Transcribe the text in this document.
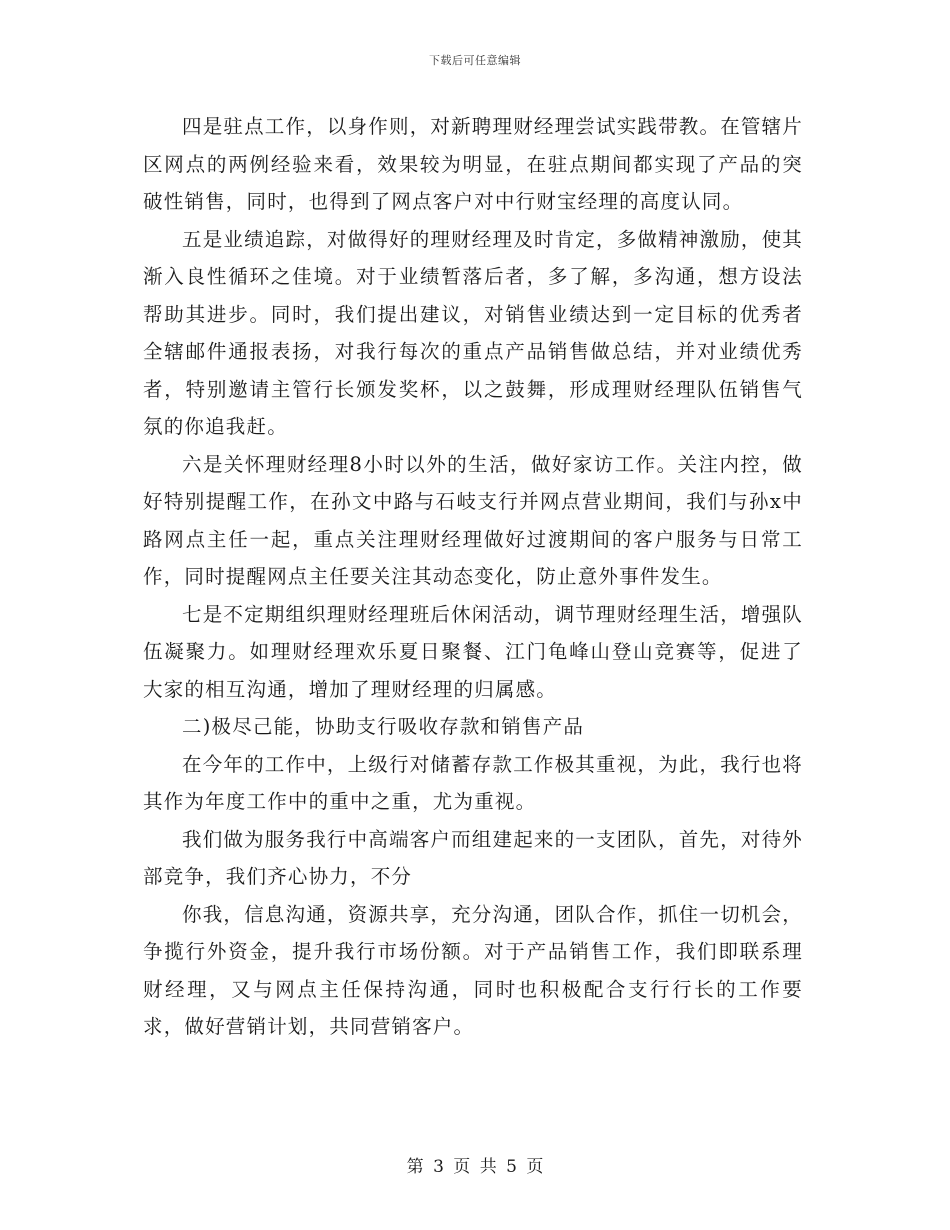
下载后可任意编辑

四是驻点工作，以身作则，对新聘理财经理尝试实践带教。在管辖片区网点的两例经验来看，效果较为明显，在驻点期间都实现了产品的突破性销售，同时，也得到了网点客户对中行财宝经理的高度认同。

五是业绩追踪，对做得好的理财经理及时肯定，多做精神激励，使其渐入良性循环之佳境。对于业绩暂落后者，多了解，多沟通，想方设法帮助其进步。同时，我们提出建议，对销售业绩达到一定目标的优秀者全辖邮件通报表扬，对我行每次的重点产品销售做总结，并对业绩优秀者，特别邀请主管行长颁发奖杯，以之鼓舞，形成理财经理队伍销售气氛的你追我赶。

六是关怀理财经理8小时以外的生活，做好家访工作。关注内控，做好特别提醒工作，在孙文中路与石岐支行并网点营业期间，我们与孙x中路网点主任一起，重点关注理财经理做好过渡期间的客户服务与日常工作，同时提醒网点主任要关注其动态变化，防止意外事件发生。

七是不定期组织理财经理班后休闲活动，调节理财经理生活，增强队伍凝聚力。如理财经理欢乐夏日聚餐、江门龟峰山登山竞赛等，促进了大家的相互沟通，增加了理财经理的归属感。

二)极尽己能，协助支行吸收存款和销售产品

在今年的工作中，上级行对储蓄存款工作极其重视，为此，我行也将其作为年度工作中的重中之重，尤为重视。

我们做为服务我行中高端客户而组建起来的一支团队，首先，对待外部竞争，我们齐心协力，不分

你我，信息沟通，资源共享，充分沟通，团队合作，抓住一切机会，争揽行外资金，提升我行市场份额。对于产品销售工作，我们即联系理财经理，又与网点主任保持沟通，同时也积极配合支行行长的工作要求，做好营销计划，共同营销客户。

第 3 页 共 5 页
